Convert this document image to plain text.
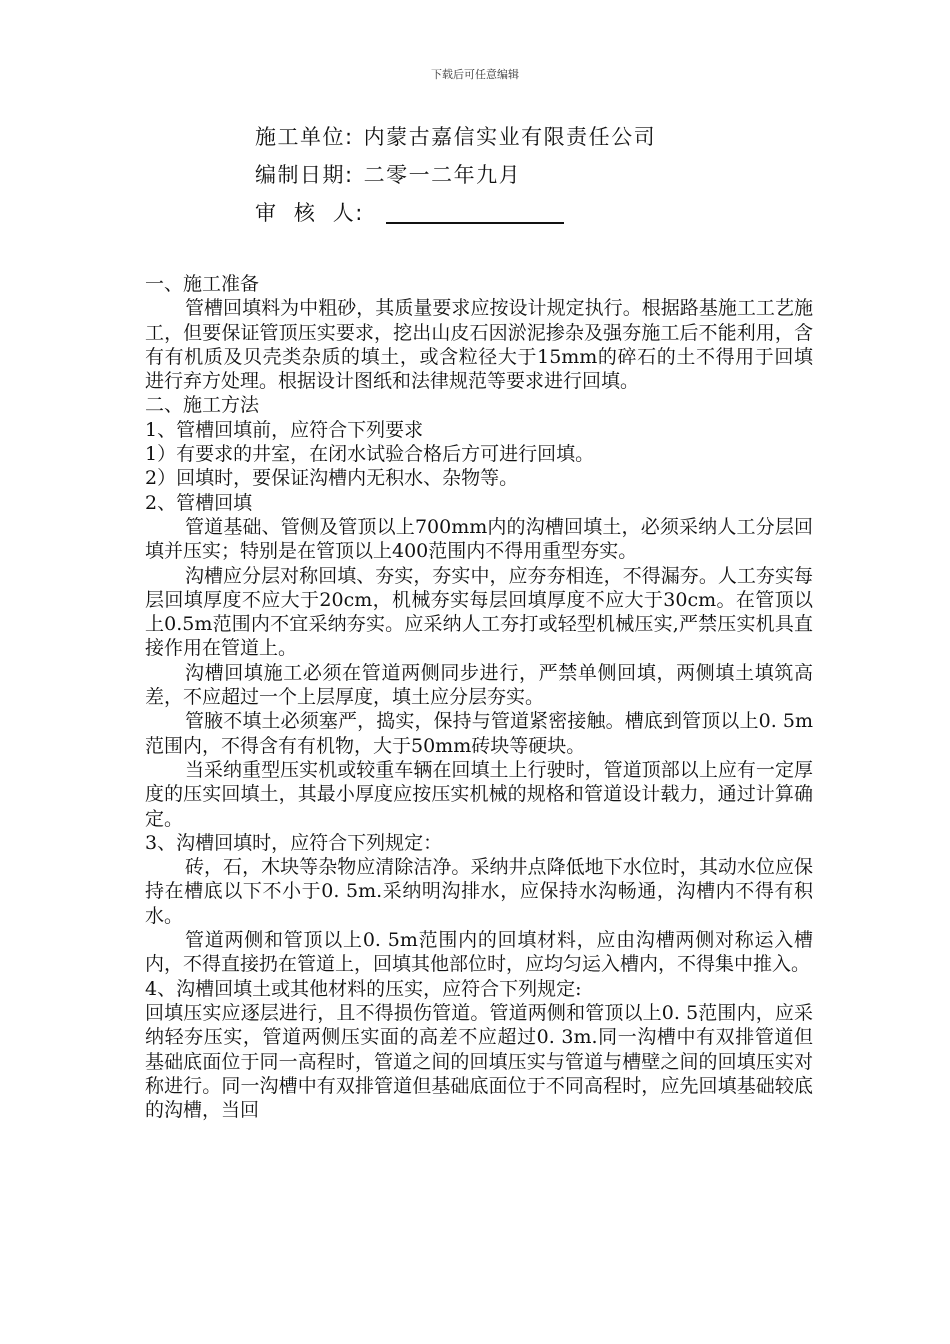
下载后可任意编辑
施工单位: 内蒙古嘉信实业有限责任公司
编制日期: 二零一二年九月
审  核  人:

一、施工准备

管槽回填料为中粗砂，其质量要求应按设计规定执行。根据路基施工工艺施工，但要保证管顶压实要求，挖出山皮石因淤泥掺杂及强夯施工后不能利用，含有有机质及贝壳类杂质的填土，或含粒径大于15mm的碎石的土不得用于回填进行弃方处理。根据设计图纸和法律规范等要求进行回填。

二、施工方法

1、管槽回填前，应符合下列要求

1）有要求的井室，在闭水试验合格后方可进行回填。

2）回填时，要保证沟槽内无积水、杂物等。

2、管槽回填

管道基础、管侧及管顶以上700mm内的沟槽回填土，必须采纳人工分层回填并压实；特别是在管顶以上400范围内不得用重型夯实。

沟槽应分层对称回填、夯实，夯实中，应夯夯相连，不得漏夯。人工夯实每层回填厚度不应大于20cm，机械夯实每层回填厚度不应大于30cm。在管顶以上0.5m范围内不宜采纳夯实。应采纳人工夯打或轻型机械压实,严禁压实机具直接作用在管道上。

沟槽回填施工必须在管道两侧同步进行，严禁单侧回填，两侧填土填筑高差，不应超过一个上层厚度，填土应分层夯实。

管腋不填土必须塞严，捣实，保持与管道紧密接触。槽底到管顶以上0. 5m范围内，不得含有有机物，大于50mm砖块等硬块。

当采纳重型压实机或较重车辆在回填土上行驶时，管道顶部以上应有一定厚度的压实回填土，其最小厚度应按压实机械的规格和管道设计载力，通过计算确定。

3、沟槽回填时，应符合下列规定：

砖，石，木块等杂物应清除洁净。采纳井点降低地下水位时，其动水位应保持在槽底以下不小于0. 5m.采纳明沟排水，应保持水沟畅通，沟槽内不得有积水。

管道两侧和管顶以上0. 5m范围内的回填材料，应由沟槽两侧对称运入槽内，不得直接扔在管道上，回填其他部位时，应均匀运入槽内，不得集中推入。

4、沟槽回填土或其他材料的压实，应符合下列规定:

回填压实应逐层进行，且不得损伤管道。管道两侧和管顶以上0. 5范围内，应采纳轻夯压实，管道两侧压实面的高差不应超过0. 3m.同一沟槽中有双排管道但基础底面位于同一高程时，管道之间的回填压实与管道与槽壁之间的回填压实对称进行。同一沟槽中有双排管道但基础底面位于不同高程时，应先回填基础较底的沟槽，当回
